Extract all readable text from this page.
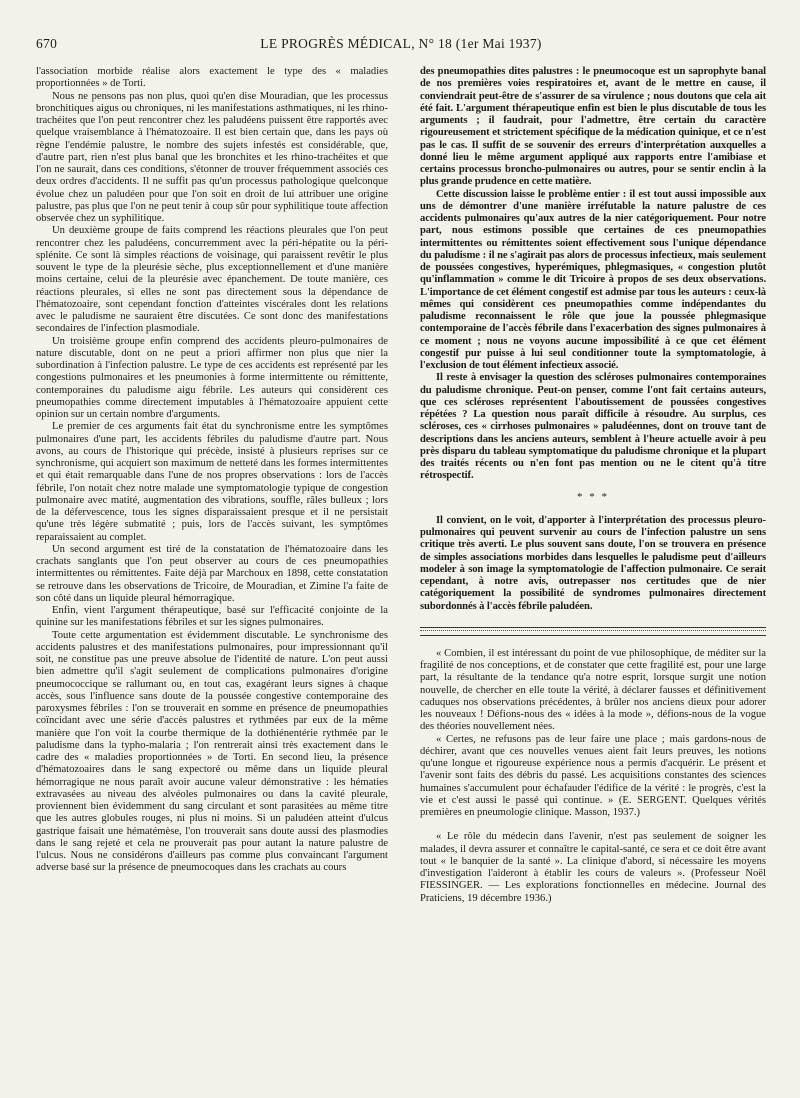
670	LE PROGRÈS MÉDICAL, N° 18 (1er Mai 1937)

l'association morbide réalise alors exactement le type des « maladies proportionnées » de Torti.

Nous ne pensons pas non plus, quoi qu'en dise Mouradian, que les processus bronchitiques aigus ou chroniques, ni les manifestations asthmatiques, ni les rhino-trachéites que l'on peut rencontrer chez les paludéens puissent être rapportés avec quelque vraisemblance à l'hématozoaire. Il est bien certain que, dans les pays où règne l'endémie palustre, le nombre des sujets infestés est considérable, que, d'autre part, rien n'est plus banal que les bronchites et les rhino-trachéites et que l'on ne saurait, dans ces conditions, s'étonner de trouver fréquemment associés ces deux ordres d'accidents. Il ne suffit pas qu'un processus pathologique quelconque évolue chez un paludéen pour que l'on soit en droit de lui attribuer une origine palustre, pas plus que l'on ne peut tenir à coup sûr pour syphilitique toute affection observée chez un syphilitique.

Un deuxième groupe de faits comprend les réactions pleurales que l'on peut rencontrer chez les paludéens, concurremment avec la péri-hépatite ou la péri-splénite. Ce sont là simples réactions de voisinage, qui paraissent revêtir le plus souvent le type de la pleurésie sèche, plus exceptionnellement et d'une manière moins certaine, celui de la pleurésie avec épanchement. De toute manière, ces réactions pleurales, si elles ne sont pas directement sous la dépendance de l'hématozoaire, sont cependant fonction d'atteintes viscérales dont les relations avec le paludisme ne sauraient être discutées. Ce sont donc des manifestations secondaires de l'infection plasmodiale.

Un troisième groupe enfin comprend des accidents pleuro-pulmonaires de nature discutable, dont on ne peut a priori affirmer non plus que nier la subordination à l'infection palustre. Le type de ces accidents est représenté par les congestions pulmonaires et les pneumonies à forme intermittente ou rémittente, contemporaines du paludisme aigu fébrile. Les auteurs qui considèrent ces pneumopathies comme directement imputables à l'hématozoaire appuient cette opinion sur un certain nombre d'arguments.

Le premier de ces arguments fait état du synchronisme entre les symptômes pulmonaires d'une part, les accidents fébriles du paludisme d'autre part. Nous avons, au cours de l'historique qui précède, insisté à plusieurs reprises sur ce synchronisme, qui acquiert son maximum de netteté dans les formes intermittentes et qui était remarquable dans l'une de nos propres observations : lors de l'accès fébrile, l'on notait chez notre malade une symptomatologie typique de congestion pulmonaire avec matité, augmentation des vibrations, souffle, râles bulleux ; lors de la défervescence, tous les signes disparaissaient presque et il ne persistait qu'une très légère submatité ; puis, lors de l'accès suivant, les symptômes reparaissaient au complet.

Un second argument est tiré de la constatation de l'hématozoaire dans les crachats sanglants que l'on peut observer au cours de ces pneumopathies intermittentes ou rémittentes. Faite déjà par Marchoux en 1898, cette constatation se retrouve dans les observations de Tricoire, de Mouradian, et Zimine l'a faite de son côté dans un liquide pleural hémorragique.

Enfin, vient l'argument thérapeutique, basé sur l'efficacité conjointe de la quinine sur les manifestations fébriles et sur les signes pulmonaires.

Toute cette argumentation est évidemment discutable. Le synchronisme des accidents palustres et des manifestations pulmonaires, pour impressionnant qu'il soit, ne constitue pas une preuve absolue de l'identité de nature. L'on peut aussi bien admettre qu'il s'agit seulement de complications pulmonaires d'origine pneumococcique se rallumant ou, en tout cas, exagérant leurs signes à chaque accès, sous l'influence sans doute de la poussée congestive contemporaine des paroxysmes fébriles : l'on se trouverait en somme en présence de pneumopathies coïncidant avec une série d'accès palustres et rythmées par eux de la même manière que l'on voit la courbe thermique de la dothiénentérie rythmée par le paludisme dans la typho-malaria ; l'on rentrerait ainsi très exactement dans le cadre des « maladies proportionnées » de Torti. En second lieu, la présence d'hématozoaires dans le sang expectoré ou même dans un liquide pleural hémorragique ne nous paraît avoir aucune valeur démonstrative : les hématies extravasées au niveau des alvéoles pulmonaires ou dans la cavité pleurale, proviennent bien évidemment du sang circulant et sont parasitées au même titre que les autres globules rouges, ni plus ni moins. Si un paludéen atteint d'ulcus gastrique faisait une hématémèse, l'on trouverait sans doute aussi des plasmodies dans le sang rejeté et cela ne prouverait pas pour autant la nature palustre de l'ulcus. Nous ne considérons d'ailleurs pas comme plus convaincant l'argument adverse basé sur la présence de pneumocoques dans les crachats au cours

des pneumopathies dites palustres : le pneumocoque est un saprophyte banal de nos premières voies respiratoires et, avant de le mettre en cause, il conviendrait peut-être de s'assurer de sa virulence ; nous doutons que cela ait été fait. L'argument thérapeutique enfin est bien le plus discutable de tous les arguments ; il faudrait, pour l'admettre, être certain du caractère rigoureusement et strictement spécifique de la médication quinique, et ce n'est pas le cas. Il suffit de se souvenir des erreurs d'interprétation auxquelles a donné lieu le même argument appliqué aux rapports entre l'amibiase et certains processus broncho-pulmonaires ou autres, pour se sentir enclin à la plus grande prudence en cette matière.

Cette discussion laisse le problème entier : il est tout aussi impossible aux uns de démontrer d'une manière irréfutable la nature palustre de ces accidents pulmonaires qu'aux autres de la nier catégoriquement. Pour notre part, nous estimons possible que certaines de ces pneumopathies intermittentes ou rémittentes soient effectivement sous l'unique dépendance du paludisme : il ne s'agirait pas alors de processus infectieux, mais seulement de poussées congestives, hyperémiques, phlegmasiques, « congestion plutôt qu'inflammation » comme le dit Tricoire à propos de ses deux observations. L'importance de cet élément congestif est admise par tous les auteurs : ceux-là mêmes qui considèrent ces pneumopathies comme indépendantes du paludisme reconnaissent le rôle que joue la poussée phlegmasique contemporaine de l'accès fébrile dans l'exacerbation des signes pulmonaires à ce moment ; nous ne voyons aucune impossibilité à ce que cet élément congestif pur puisse à lui seul conditionner toute la symptomatologie, à l'exclusion de tout élément infectieux associé.

Il reste à envisager la question des scléroses pulmonaires contemporaines du paludisme chronique. Peut-on penser, comme l'ont fait certains auteurs, que ces scléroses représentent l'aboutissement de poussées congestives répétées ? La question nous paraît difficile à résoudre. Au surplus, ces scléroses, ces « cirrhoses pulmonaires » paludéennes, dont on trouve tant de descriptions dans les anciens auteurs, semblent à l'heure actuelle avoir à peu près disparu du tableau symptomatique du paludisme chronique et la plupart des traités récents ou n'en font pas mention ou ne le citent qu'à titre rétrospectif.

* * *

Il convient, on le voit, d'apporter à l'interprétation des processus pleuro-pulmonaires qui peuvent survenir au cours de l'infection palustre un sens critique très averti. Le plus souvent sans doute, l'on se trouvera en présence de simples associations morbides dans lesquelles le paludisme peut d'ailleurs modeler à son image la symptomatologie de l'affection pulmonaire. Ce serait cependant, à notre avis, outrepasser nos certitudes que de nier catégoriquement la possibilité de syndromes pulmonaires directement subordonnés à l'accès fébrile paludéen.

« Combien, il est intéressant du point de vue philosophique, de méditer sur la fragilité de nos conceptions, et de constater que cette fragilité est, pour une large part, la résultante de la tendance qu'a notre esprit, lorsque surgit une notion nouvelle, de chercher en elle toute la vérité, à déclarer fausses et définitivement caduques nos observations précédentes, à brûler nos anciens dieux pour adorer les nouveaux ! Défions-nous des « idées à la mode », défions-nous de la vogue des théories nouvellement nées.

« Certes, ne refusons pas de leur faire une place ; mais gardons-nous de déchirer, avant que ces nouvelles venues aient fait leurs preuves, les notions qu'une longue et rigoureuse expérience nous a permis d'acquérir. Le présent et l'avenir sont faits des débris du passé. Les acquisitions constantes des sciences humaines s'accumulent pour échafauder l'édifice de la vérité : le progrès, c'est la vie et c'est aussi le passé qui continue. » (E. SERGENT. Quelques vérités premières en pneumologie clinique. Masson, 1937.)

« Le rôle du médecin dans l'avenir, n'est pas seulement de soigner les malades, il devra assurer et connaître le capital-santé, ce sera et ce doit être avant tout « le banquier de la santé ». La clinique d'abord, si nécessaire les moyens d'investigation l'aideront à établir les cours de valeurs ». (Professeur Noël FIESSINGER. — Les explorations fonctionnelles en médecine. Journal des Praticiens, 19 décembre 1936.)
